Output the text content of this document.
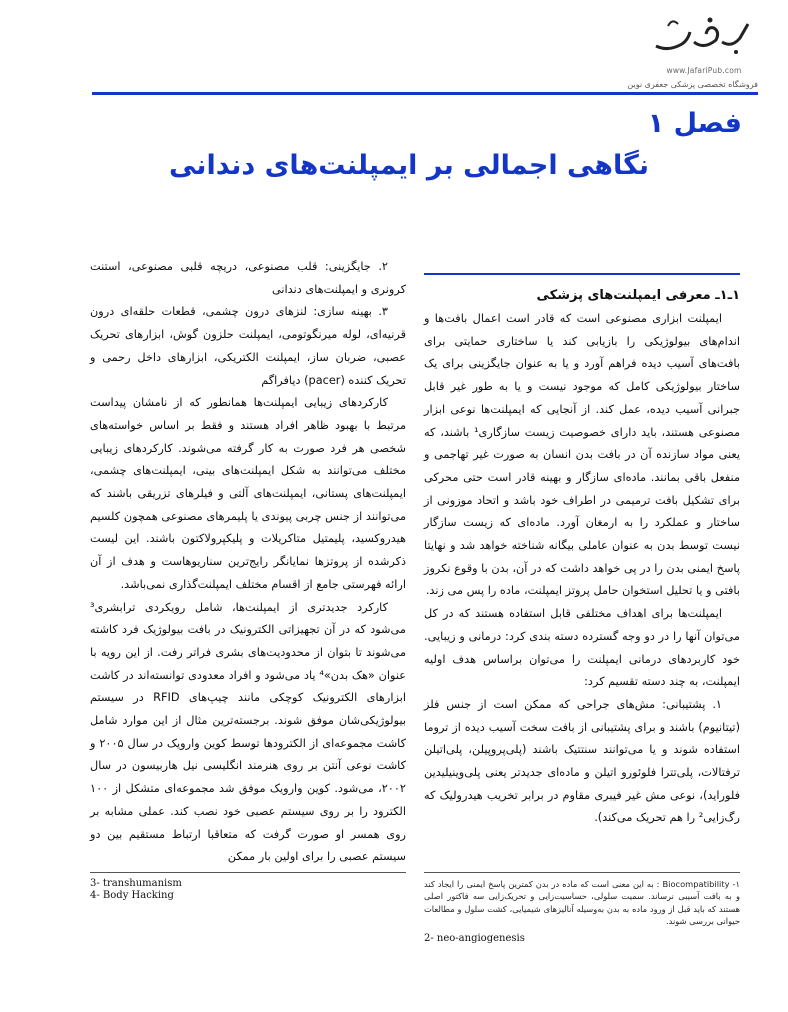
www.JafariPub.com
فروشگاه تخصصی پزشکی جعفری نوین
فصل ۱
نگاهی اجمالی بر ایمپلنت‌های دندانی
۱ـ۱ـ معرفی ایمپلنت‌های پزشکی

ایمپلنت ابزاری مصنوعی است که قادر است اعمال بافت‌ها و اندام‌های بیولوژیکی را بازیابی کند یا ساختاری حمایتی برای بافت‌های آسیب دیده فراهم آورد و یا به عنوان جایگزینی برای یک ساختار بیولوژیکی کامل که موجود نیست و یا به طور غیر قابل جبرانی آسیب دیده، عمل کند. از آنجایی که ایمپلنت‌ها نوعی ابزار مصنوعی هستند، باید دارای خصوصیت زیست سازگاری¹ باشند، که یعنی مواد سازنده آن در بافت بدن انسان به صورت غیر تهاجمی و منفعل باقی بمانند. ماده‌ای سازگار و بهینه قادر است حتی محرکی برای تشکیل بافت ترمیمی در اطراف خود باشد و اتحاد موزونی از ساختار و عملکرد را به ارمغان آورد. ماده‌ای که زیست سازگار نیست توسط بدن به عنوان عاملی بیگانه شناخته خواهد شد و نهایتا پاسخ ایمنی بدن را در پی خواهد داشت که در آن، بدن با وقوع نکروز بافتی و یا تحلیل استخوان حامل پروتز ایمپلنت، ماده را پس می زند.

ایمپلنت‌ها برای اهداف مختلفی قابل استفاده هستند که در کل می‌توان آنها را در دو وجه گسترده دسته بندی کرد: درمانی و زیبایی. خود کاربردهای درمانی ایمپلنت را می‌توان براساس هدف اولیه ایمپلنت، به چند دسته تقسیم کرد:

۱. پشتیبانی: مش‌های جراحی که ممکن است از جنس فلز (تیتانیوم) باشند و برای پشتیبانی از بافت سخت آسیب دیده از تروما استفاده شوند و یا می‌توانند سنتتیک باشند (پلی‌پروپیلن، پلی‌اتیلن ترفتالات، پلی‌تترا فلوئورو اتیلن و ماده‌ای جدیدتر یعنی پلی‌وینیلیدین فلوراید)، نوعی مش غیر فیبری مقاوم در برابر تخریب هیدرولیک که رگ‌زایی² را هم تحریک می‌کند).

۲. جایگزینی: قلب مصنوعی، دریچه قلبی مصنوعی، استنت کرونری و ایمپلنت‌های دندانی

۳. بهینه سازی: لنزهای درون چشمی، قطعات حلقه‌ای درون قرنیه‌ای، لوله میرنگوتومی، ایمپلنت حلزون گوش، ابزارهای تحریک عصبی، ضربان ساز، ایمپلنت الکتریکی، ابزارهای داخل رحمی و تحریک کننده (pacer) دیافراگم

کارکردهای زیبایی ایمپلنت‌ها همانطور که از نامشان پیداست مرتبط با بهبود ظاهر افراد هستند و فقط بر اساس خواسته‌های شخصی هر فرد صورت به کار گرفته می‌شوند. کارکردهای زیبایی مختلف می‌توانند به شکل ایمپلنت‌های بینی، ایمپلنت‌های چشمی، ایمپلنت‌های پستانی، ایمپلنت‌های آلتی و فیلرهای تزریقی باشند که می‌توانند از جنس چربی پیوندی یا پلیمرهای مصنوعی همچون کلسیم هیدروکسید، پلیمتیل متاکریلات و پلیکپرولاکتون باشند. این لیست ذکرشده از پروتزها نمایانگر رایج‌ترین سناریوهاست و هدف از آن ارائه فهرستی جامع از اقسام مختلف ایمپلنت‌گذاری نمی‌باشد.

کارکرد جدیدتری از ایمپلنت‌ها، شامل رویکردی ترابشری³ می‌شود که در آن تجهیزاتی الکترونیک در بافت بیولوژیک فرد کاشته می‌شوند تا بتوان از محدودیت‌های بشری فراتر رفت. از این رویه با عنوان «هک بدن»⁴ یاد می‌شود و افراد معدودی توانسته‌اند در کاشت ابزارهای الکترونیک کوچکی مانند چیپ‌های RFID در سیستم بیولوژیکی‌شان موفق شوند. برجسته‌ترین مثال از این موارد شامل کاشت مجموعه‌ای از الکترودها توسط کوین وارویک در سال ۲۰۰۵ و کاشت نوعی آنتن بر روی هنرمند انگلیسی نیل هاربیسون در سال ۲۰۰۲، می‌شود. کوین وارویک موفق شد مجموعه‌ای متشکل از ۱۰۰ الکترود را بر روی سیستم عصبی خود نصب کند. عملی مشابه بر روی همسر او صورت گرفت که متعاقبا ارتباط مستقیم بین دو سیستم عصبی را برای اولین بار ممکن

۱- Biocompatibility : به این معنی است که ماده در بدن کمترین پاسخ ایمنی را ایجاد کند و به بافت آسیبی نرساند. سمیت سلولی، حساسیت‌زایی و تحریک‌زایی سه فاکتور اصلی هستند که باید قبل از ورود ماده به بدن به‌وسیله آنالیزهای شیمیایی، کشت سلول و مطالعات حیوانی بررسی شوند.
2- neo-angiogenesis
3- transhumanism
4- Body Hacking
